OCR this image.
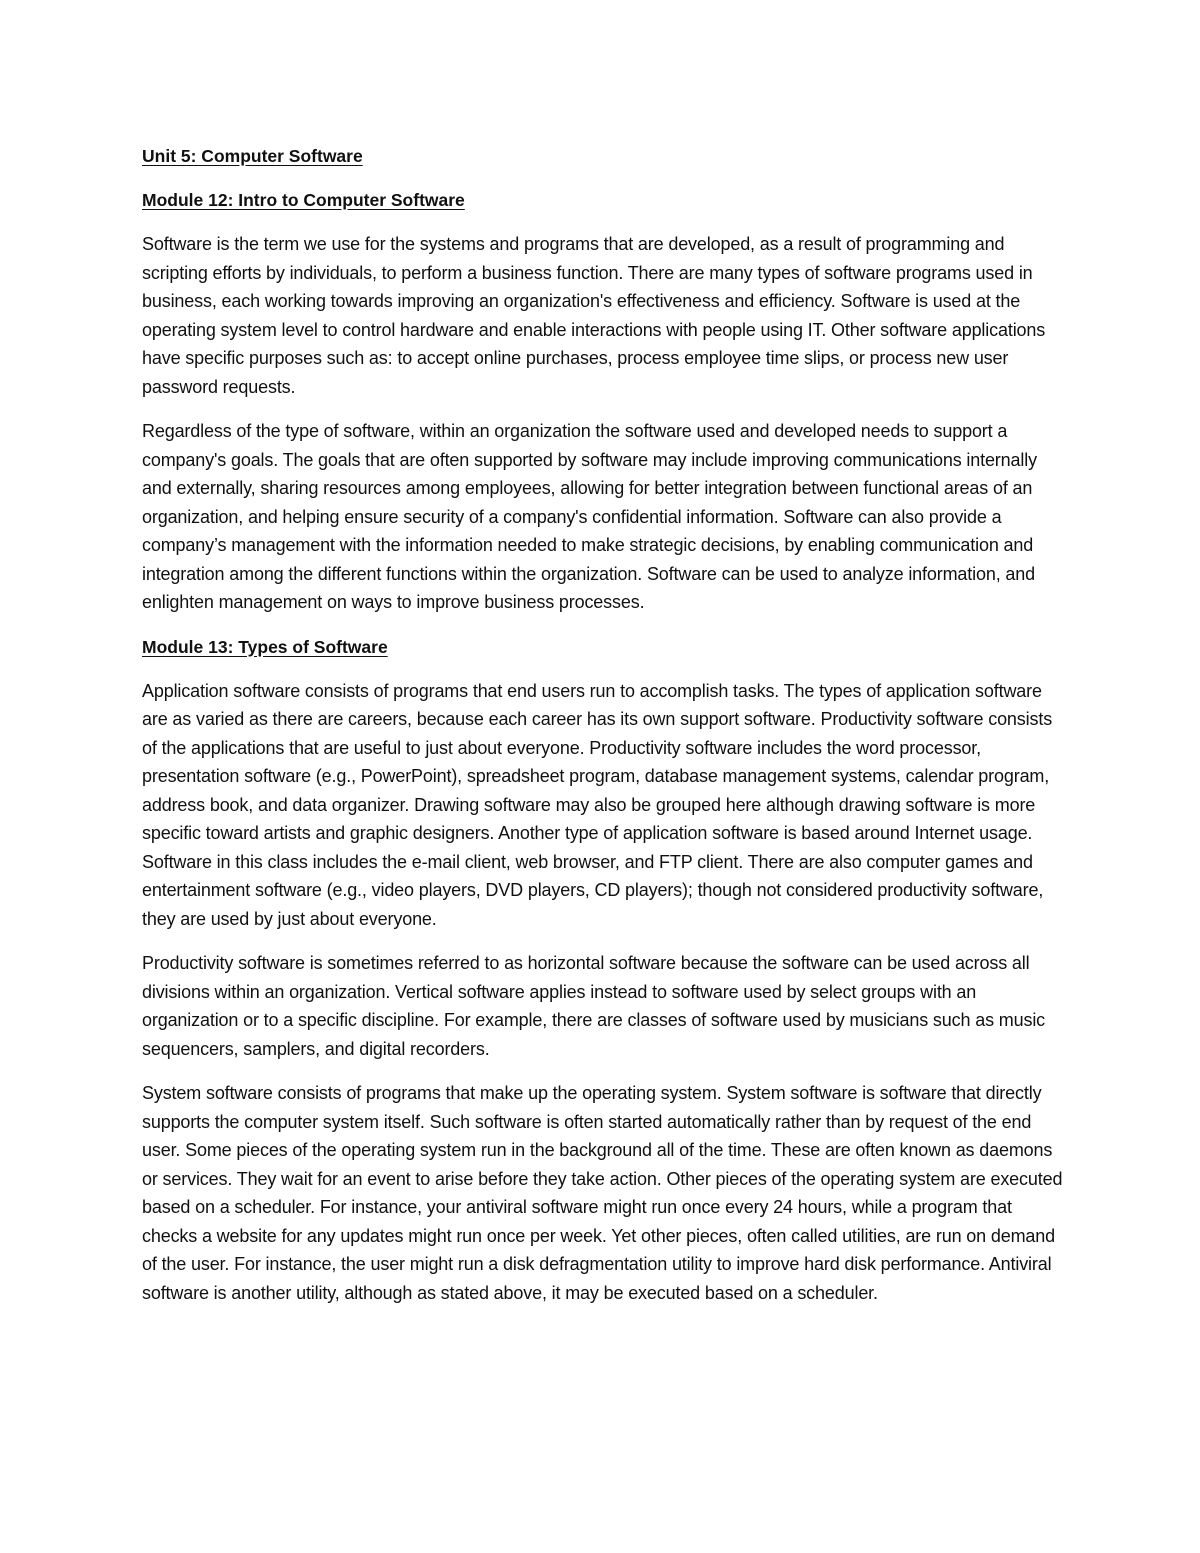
Unit 5: Computer Software
Module 12: Intro to Computer Software

Software is the term we use for the systems and programs that are developed, as a result of programming and scripting efforts by individuals, to perform a business function. There are many types of software programs used in business, each working towards improving an organization's effectiveness and efficiency. Software is used at the operating system level to control hardware and enable interactions with people using IT. Other software applications have specific purposes such as: to accept online purchases, process employee time slips, or process new user password requests.

Regardless of the type of software, within an organization the software used and developed needs to support a company's goals. The goals that are often supported by software may include improving communications internally and externally, sharing resources among employees, allowing for better integration between functional areas of an organization, and helping ensure security of a company's confidential information. Software can also provide a company’s management with the information needed to make strategic decisions, by enabling communication and integration among the different functions within the organization. Software can be used to analyze information, and enlighten management on ways to improve business processes.

Module 13: Types of Software

Application software consists of programs that end users run to accomplish tasks. The types of application software are as varied as there are careers, because each career has its own support software. Productivity software consists of the applications that are useful to just about everyone. Productivity software includes the word processor, presentation software (e.g., PowerPoint), spreadsheet program, database management systems, calendar program, address book, and data organizer. Drawing software may also be grouped here although drawing software is more specific toward artists and graphic designers. Another type of application software is based around Internet usage. Software in this class includes the e-mail client, web browser, and FTP client. There are also computer games and entertainment software (e.g., video players, DVD players, CD players); though not considered productivity software, they are used by just about everyone.

Productivity software is sometimes referred to as horizontal software because the software can be used across all divisions within an organization. Vertical software applies instead to software used by select groups with an organization or to a specific discipline. For example, there are classes of software used by musicians such as music sequencers, samplers, and digital recorders.

System software consists of programs that make up the operating system. System software is software that directly supports the computer system itself. Such software is often started automatically rather than by request of the end user. Some pieces of the operating system run in the background all of the time. These are often known as daemons or services. They wait for an event to arise before they take action. Other pieces of the operating system are executed based on a scheduler. For instance, your antiviral software might run once every 24 hours, while a program that checks a website for any updates might run once per week. Yet other pieces, often called utilities, are run on demand of the user. For instance, the user might run a disk defragmentation utility to improve hard disk performance. Antiviral software is another utility, although as stated above, it may be executed based on a scheduler.
